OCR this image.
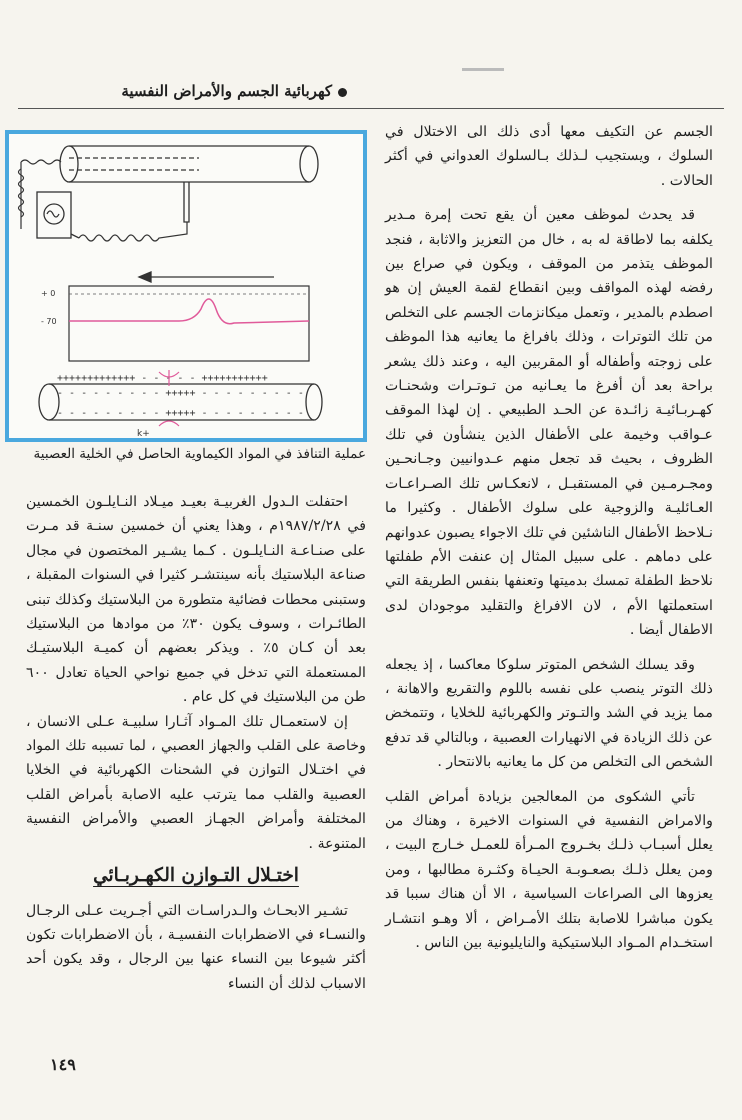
كهربائية الجسم والأمراض النفسية
+ 0
- 70
+++++++++++++ - - - - - +++++++++++
- - - - - - - - - +++++ - - - - - - - - -
- - - - - - - - - +++++ - - - - - - - - -
k+
عملية التنافذ في المواد الكيماوية الحاصل في الخلية العصبية

الجسم عن التكيف معها أدى ذلك الى الاختلال في السلوك ، ويستجيب لـذلك بـالسلوك العدواني في أكثر الحالات .

قد يحدث لموظف معين أن يقع تحت إمرة مـدير يكلفه بما لاطاقة له به ، خال من التعزيز والاثابة ، فنجد الموظف يتذمر من الموقف ، ويكون في صراع بين رفضه لهذه المواقف وبين انقطاع لقمة العيش إن هو اصطدم بالمدير ، وتعمل ميكانزمات الجسم على التخلص من تلك التوترات ، وذلك بافراغ ما يعانيه هذا الموظف على زوجته وأطفاله أو المقربين اليه ، وعند ذلك يشعر براحة بعد أن أفرغ ما يعـانيه من تـوتـرات وشحنـات كهـربـائيـة زائـدة عن الحـد الطبيعي . إن لهذا الموقف عـواقب وخيمة على الأطفال الذين ينشأون في تلك الظروف ، بحيث قد تجعل منهم عـدوانيين وجـانحـين ومجـرمـين في المستقبـل ، لانعكـاس تلك الصـراعـات العـائليـة والزوجية على سلوك الأطفال . وكثيرا ما نـلاحظ الأطفال الناشئين في تلك الاجواء يصبون عدوانهم على دماهم . على سبيل المثال إن عنفت الأم طفلتها نلاحظ الطفلة تمسك بدميتها وتعنفها بنفس الطريقة التي استعملتها الأم ، لان الافراغ والتقليد موجودان لدى الاطفال أيضا .

وقد يسلك الشخص المتوتر سلوكا معاكسا ، إذ يجعله ذلك التوتر ينصب على نفسه باللوم والتقريع والاهانة ، مما يزيد في الشد والتـوتر والكهربائية للخلايا ، وتتمخض عن ذلك الزيادة في الانهيارات العصبية ، وبالتالي قد تدفع الشخص الى التخلص من كل ما يعانيه بالانتحار .

تأتي الشكوى من المعالجين بزيادة أمراض القلب والامراض النفسية في السنوات الاخيرة ، وهناك من يعلل أسبـاب ذلـك بخـروج المـرأة للعمـل خـارج البيت ، ومن يعلل ذلـك بصعـوبـة الحيـاة وكثـرة مطالبها ، ومن يعزوها الى الصراعات السياسية ، الا أن هناك سببا قد يكون مباشرا للاصابة بتلك الأمـراض ، ألا وهـو انتشـار استخـدام المـواد البلاستيكية والنايليونية بين الناس .

احتفلت الـدول الغربيـة بعيـد ميـلاد النـايلـون الخمسين في ١٩٨٧/٢/٢٨م ، وهذا يعني أن خمسين سنـة قد مـرت على صنـاعـة النـايلـون . كـما يشـير المختصون في مجال صناعة البلاستيك بأنه سينتشـر كثيرا في السنوات المقبلة ، وستبنى محطات فضائية متطورة من البلاستيك وكذلك تبنى الطائـرات ، وسوف يكون ٣٠٪ من موادها من البلاستيك بعد أن كـان ٥٪ . ويذكر بعضهم أن كميـة البلاستيـك المستعملة التي تدخل في جميع نواحي الحياة تعادل ٦٠٠ طن من البلاستيك في كل عام .

إن لاستعمـال تلك المـواد آثـارا سلبيـة عـلى الانسان ، وخاصة على القلب والجهاز العصبي ، لما تسببه تلك المواد في اختـلال التوازن في الشحنات الكهربائية في الخلايا العصبية والقلب مما يترتب عليه الاصابة بأمراض القلب المختلفة وأمراض الجهـاز العصبي والأمراض النفسية المتنوعة .

اختـلال التـوازن الكهـربـائي

تشـير الابحـاث والـدراسـات التي أجـريت عـلى الرجـال والنسـاء في الاضطرابات النفسيـة ، بأن الاضطرابات تكون أكثر شيوعا بين النساء عنها بين الرجال ، وقد يكون أحد الاسباب لذلك أن النساء

١٤٩
